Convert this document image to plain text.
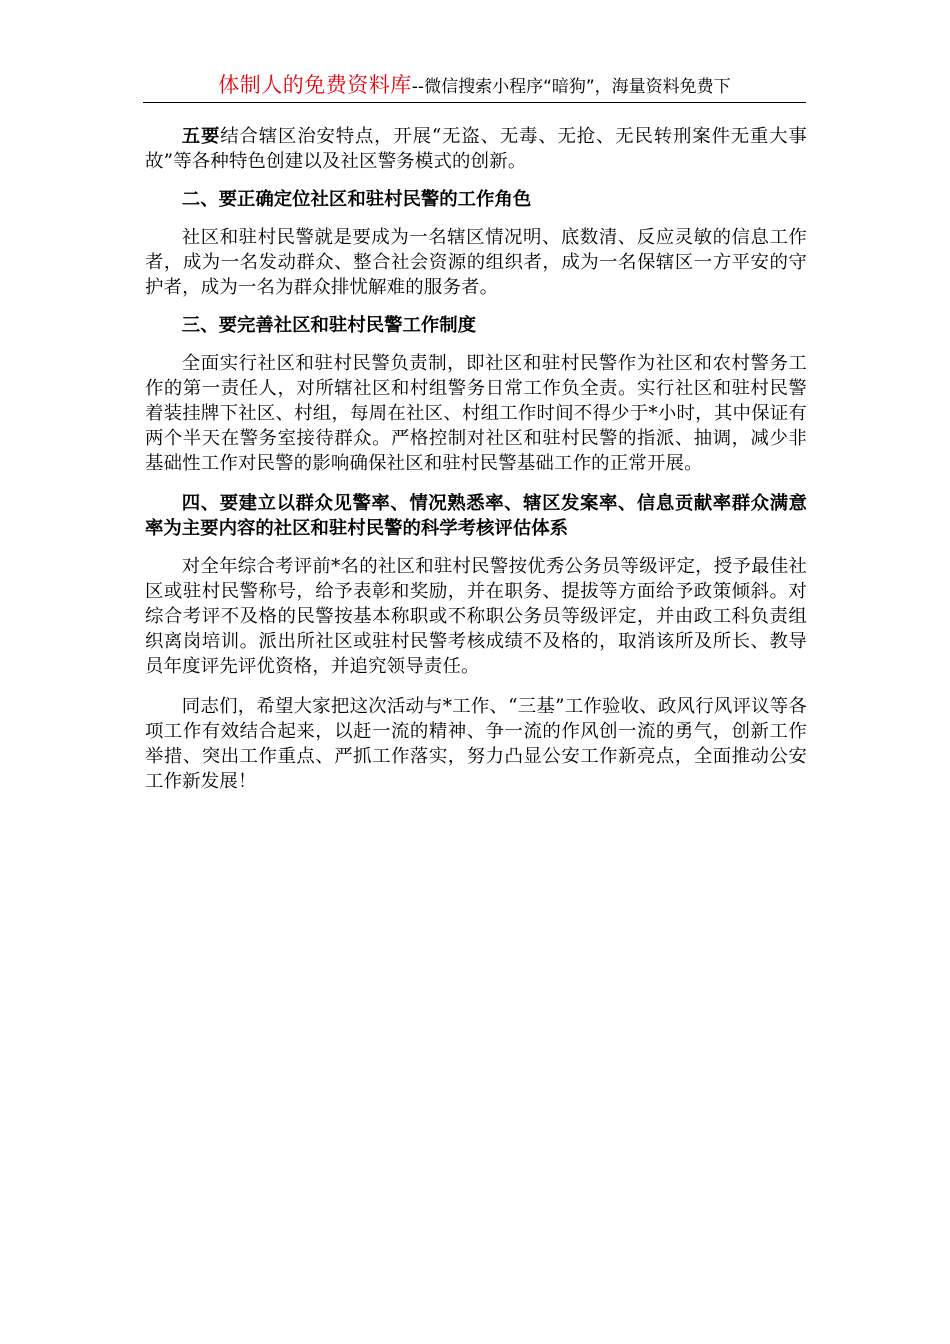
体制人的免费资料库--微信搜索小程序“暗狗”，海量资料免费下

五要结合辖区治安特点，开展“无盗、无毒、无抢、无民转刑案件无重大事故”等各种特色创建以及社区警务模式的创新。

二、要正确定位社区和驻村民警的工作角色

社区和驻村民警就是要成为一名辖区情况明、底数清、反应灵敏的信息工作者，成为一名发动群众、整合社会资源的组织者，成为一名保辖区一方平安的守护者，成为一名为群众排忧解难的服务者。

三、要完善社区和驻村民警工作制度

全面实行社区和驻村民警负责制，即社区和驻村民警作为社区和农村警务工作的第一责任人，对所辖社区和村组警务日常工作负全责。实行社区和驻村民警着装挂牌下社区、村组，每周在社区、村组工作时间不得少于*小时，其中保证有两个半天在警务室接待群众。严格控制对社区和驻村民警的指派、抽调，减少非基础性工作对民警的影响确保社区和驻村民警基础工作的正常开展。

四、要建立以群众见警率、情况熟悉率、辖区发案率、信息贡献率群众满意率为主要内容的社区和驻村民警的科学考核评估体系

对全年综合考评前*名的社区和驻村民警按优秀公务员等级评定，授予最佳社区或驻村民警称号，给予表彰和奖励，并在职务、提拔等方面给予政策倾斜。对综合考评不及格的民警按基本称职或不称职公务员等级评定，并由政工科负责组织离岗培训。派出所社区或驻村民警考核成绩不及格的，取消该所及所长、教导员年度评先评优资格，并追究领导责任。

同志们，希望大家把这次活动与*工作、“三基”工作验收、政风行风评议等各项工作有效结合起来，以赶一流的精神、争一流的作风创一流的勇气，创新工作举措、突出工作重点、严抓工作落实，努力凸显公安工作新亮点，全面推动公安工作新发展！
